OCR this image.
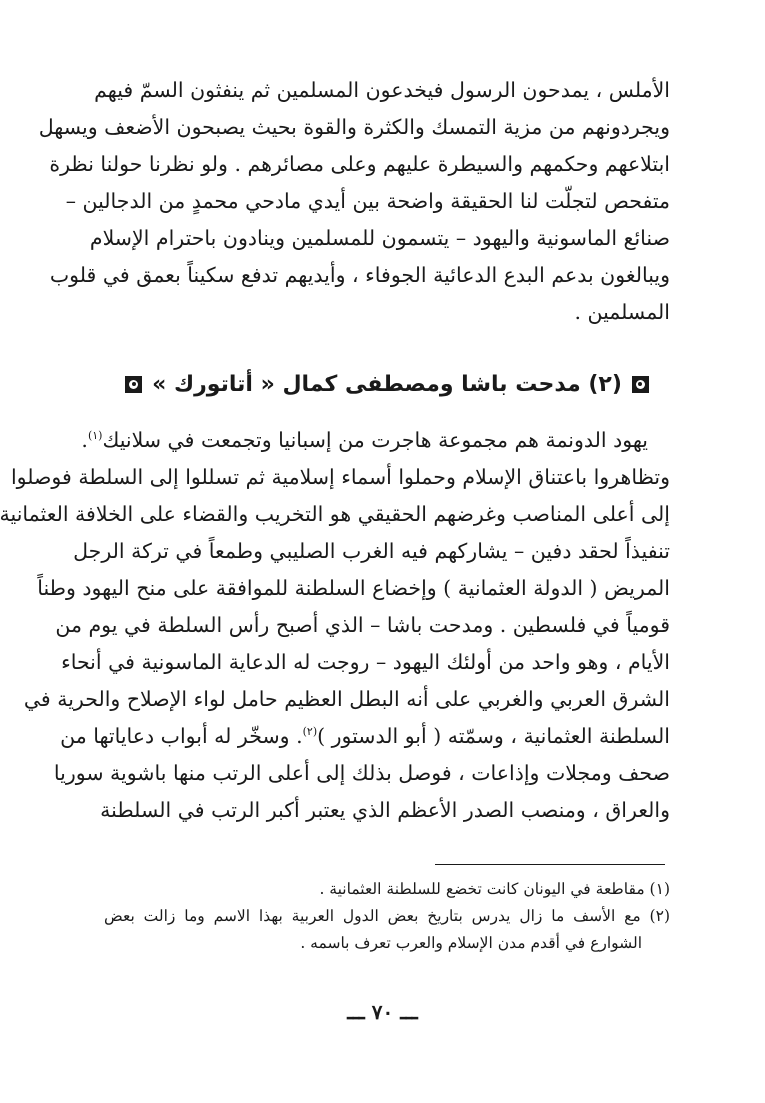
الأملس ، يمدحون الرسول فيخدعون المسلمين ثم ينفثون السمّ فيهم
ويجردونهم من مزية التمسك والكثرة والقوة بحيث يصبحون الأضعف ويسهل
ابتلاعهم وحكمهم والسيطرة عليهم وعلى مصائرهم . ولو نظرنا حولنا نظرة
متفحص لتجلّت لنا الحقيقة واضحة بين أيدي مادحي محمدٍ من الدجالين –
صنائع الماسونية واليهود – يتسمون للمسلمين وينادون باحترام الإسلام
ويبالغون بدعم البدع الدعائية الجوفاء ، وأيديهم تدفع سكيناً بعمق في قلوب
المسلمين .
(٢) مدحت باشا ومصطفى كمال « أتاتورك »
يهود الدونمة هم مجموعة هاجرت من إسبانيا وتجمعت في سلانيك$^{(١)}$.
وتظاهروا باعتناق الإسلام وحملوا أسماء إسلامية ثم تسللوا إلى السلطة فوصلوا
إلى أعلى المناصب وغرضهم الحقيقي هو التخريب والقضاء على الخلافة العثمانية
تنفيذاً لحقد دفين – يشاركهم فيه الغرب الصليبي وطمعاً في تركة الرجل
المريض ( الدولة العثمانية ) وإخضاع السلطنة للموافقة على منح اليهود وطناً
قومياً في فلسطين . ومدحت باشا – الذي أصبح رأس السلطة في يوم من
الأيام ، وهو واحد من أولئك اليهود – روجت له الدعاية الماسونية في أنحاء
الشرق العربي والغربي على أنه البطل العظيم حامل لواء الإصلاح والحرية في
السلطنة العثمانية ، وسمّته ( أبو الدستور )$^{(٢)}$. وسخّر له أبواب دعاياتها من
صحف ومجلات وإذاعات ، فوصل بذلك إلى أعلى الرتب منها باشوية سوريا
والعراق ، ومنصب الصدر الأعظم الذي يعتبر أكبر الرتب في السلطنة
(١) مقاطعة في اليونان كانت تخضع للسلطنة العثمانية .
(٢) مع الأسف ما زال يدرس بتاريخ بعض الدول العربية بهذا الاسم وما زالت بعض
الشوارع في أقدم مدن الإسلام والعرب تعرف باسمه .
ـــ ٧٠ ـــ
